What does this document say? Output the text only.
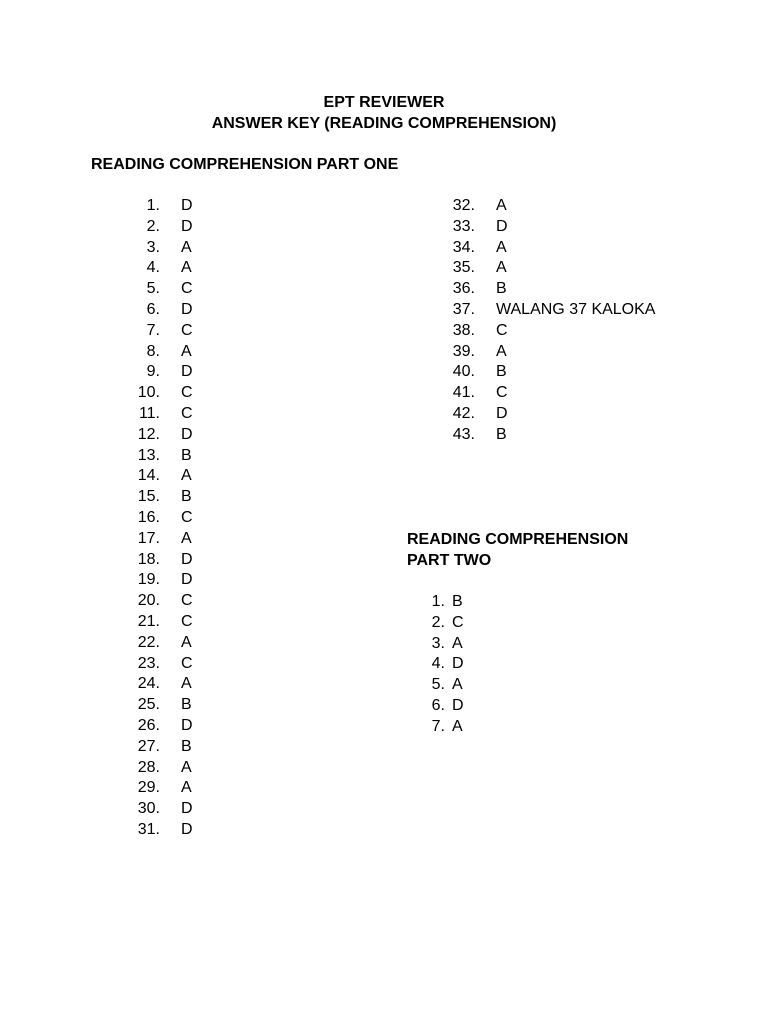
EPT REVIEWER
ANSWER KEY (READING COMPREHENSION)
READING COMPREHENSION PART ONE
1.	D
2.	D
3.	A
4.	A
5.	C
6.	D
7.	C
8.	A
9.	D
10.	C
11.	C
12.	D
13.	B
14.	A
15.	B
16.	C
17.	A
18.	D
19.	D
20.	C
21.	C
22.	A
23.	C
24.	A
25.	B
26.	D
27.	B
28.	A
29.	A
30.	D
31.	D
32.	A
33.	D
34.	A
35.	A
36.	B
37.	WALANG 37 KALOKA
38.	C
39.	A
40.	B
41.	C
42.	D
43.	B
READING COMPREHENSION
PART TWO
1. B
2. C
3. A
4. D
5. A
6. D
7. A
